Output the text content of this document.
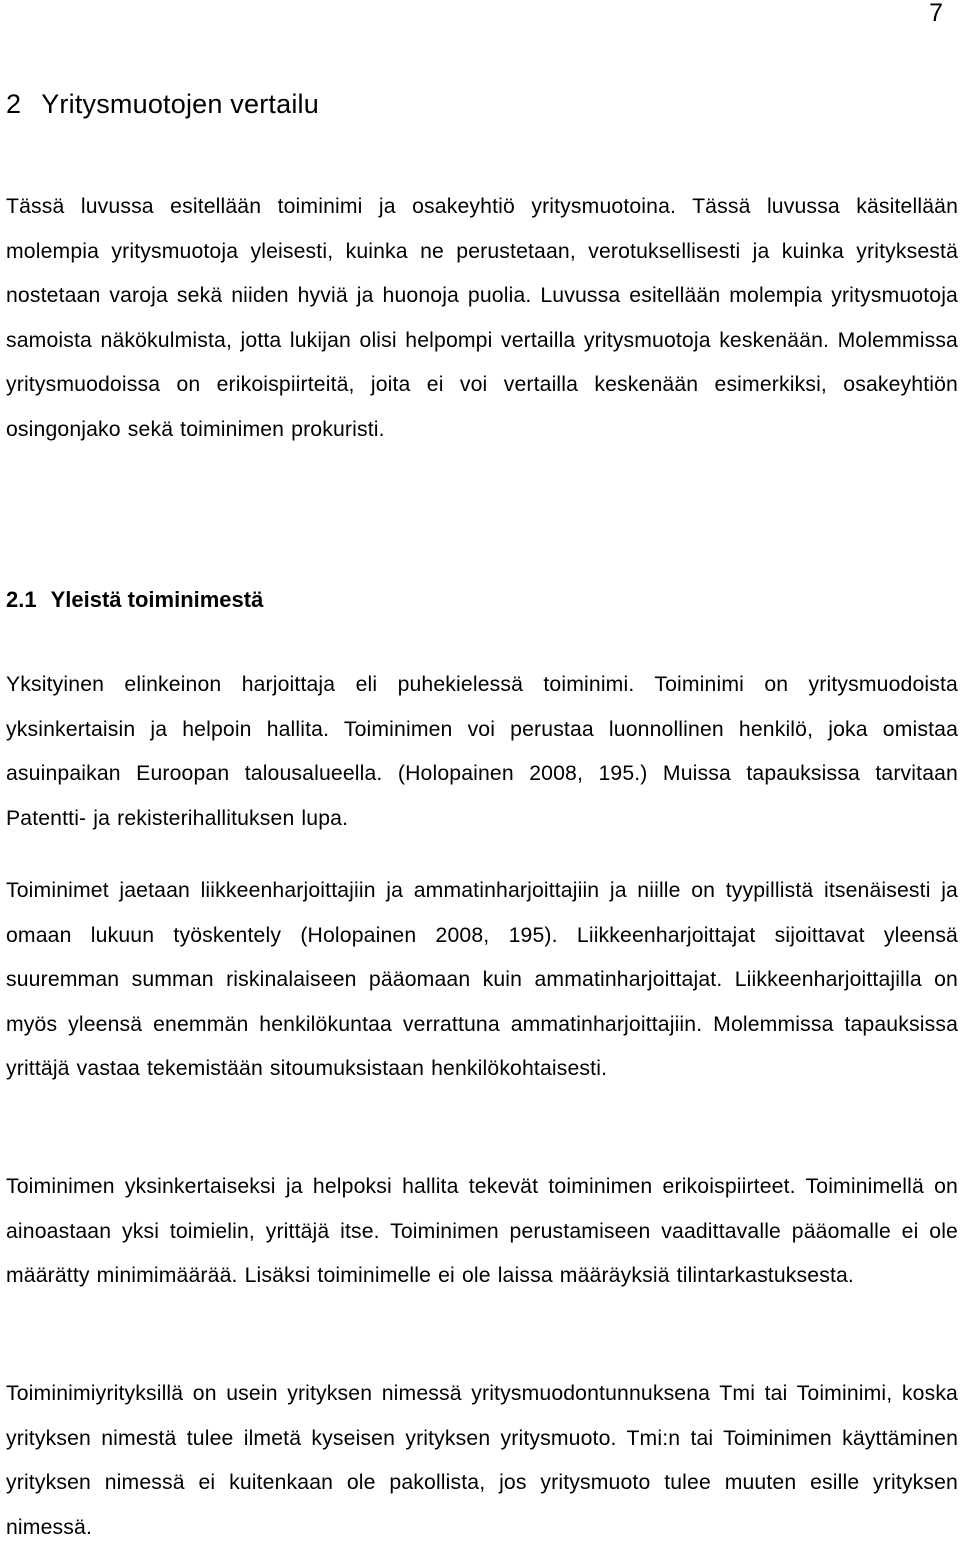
7
2 Yritysmuotojen vertailu

Tässä luvussa esitellään toiminimi ja osakeyhtiö yritysmuotoina. Tässä luvussa käsitellään molempia yritysmuotoja yleisesti, kuinka ne perustetaan, verotuksellisesti ja kuinka yrityksestä nostetaan varoja sekä niiden hyviä ja huonoja puolia. Luvussa esitellään molempia yritysmuotoja samoista näkökulmista, jotta lukijan olisi helpompi vertailla yritysmuotoja keskenään. Molemmissa yritysmuodoissa on erikoispiirteitä, joita ei voi vertailla keskenään esimerkiksi, osakeyhtiön osingonjako sekä toiminimen prokuristi.

2.1 Yleistä toiminimestä

Yksityinen elinkeinon harjoittaja eli puhekielessä toiminimi. Toiminimi on yritysmuodoista yksinkertaisin ja helpoin hallita. Toiminimen voi perustaa luonnollinen henkilö, joka omistaa asuinpaikan Euroopan talousalueella. (Holopainen 2008, 195.) Muissa tapauksissa tarvitaan Patentti- ja rekisterihallituksen lupa.

Toiminimet jaetaan liikkeenharjoittajiin ja ammatinharjoittajiin ja niille on tyypillistä itsenäisesti ja omaan lukuun työskentely (Holopainen 2008, 195). Liikkeenharjoittajat sijoittavat yleensä suuremman summan riskinalaiseen pääomaan kuin ammatinharjoittajat. Liikkeenharjoittajilla on myös yleensä enemmän henkilökuntaa verrattuna ammatinharjoittajiin. Molemmissa tapauksissa yrittäjä vastaa tekemistään sitoumuksistaan henkilökohtaisesti.

Toiminimen yksinkertaiseksi ja helpoksi hallita tekevät toiminimen erikoispiirteet. Toiminimellä on ainoastaan yksi toimielin, yrittäjä itse. Toiminimen perustamiseen vaadittavalle pääomalle ei ole määrätty minimimäärää. Lisäksi toiminimelle ei ole laissa määräyksiä tilintarkastuksesta.

Toiminimiyrityksillä on usein yrityksen nimessä yritysmuodontunnuksena Tmi tai Toiminimi, koska yrityksen nimestä tulee ilmetä kyseisen yrityksen yritysmuoto. Tmi:n tai Toiminimen käyttäminen yrityksen nimessä ei kuitenkaan ole pakollista, jos yritysmuoto tulee muuten esille yrityksen nimessä.
